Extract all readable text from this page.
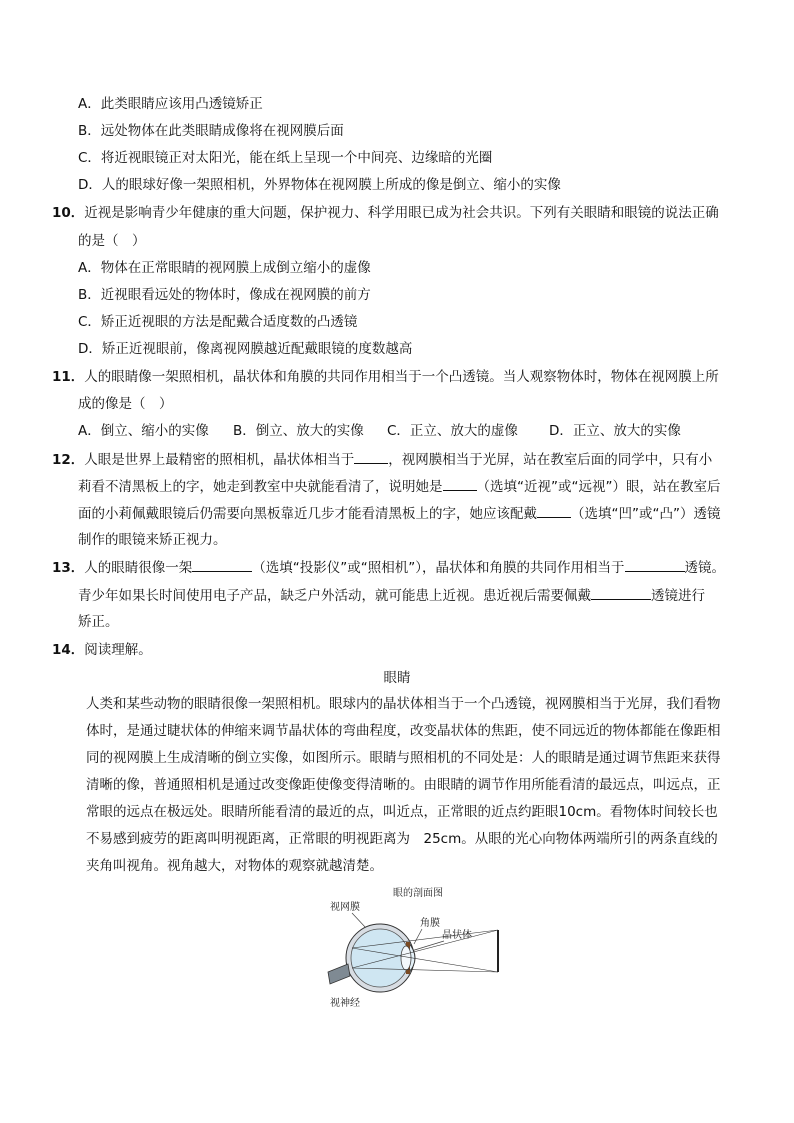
A．此类眼睛应该用凸透镜矫正
B．远处物体在此类眼睛成像将在视网膜后面
C．将近视眼镜正对太阳光，能在纸上呈现一个中间亮、边缘暗的光圈
D．人的眼球好像一架照相机，外界物体在视网膜上所成的像是倒立、缩小的实像
10．近视是影响青少年健康的重大问题，保护视力、科学用眼已成为社会共识。下列有关眼睛和眼镜的说法正确
的是（　）
A．物体在正常眼睛的视网膜上成倒立缩小的虚像
B．近视眼看远处的物体时，像成在视网膜的前方
C．矫正近视眼的方法是配戴合适度数的凸透镜
D．矫正近视眼前，像离视网膜越近配戴眼镜的度数越高
11．人的眼睛像一架照相机，晶状体和角膜的共同作用相当于一个凸透镜。当人观察物体时，物体在视网膜上所
成的像是（　）
A．倒立、缩小的实像 B．倒立、放大的实像 C．正立、放大的虚像 D．正立、放大的实像
12．人眼是世界上最精密的照相机，晶状体相当于	，视网膜相当于光屏，站在教室后面的同学中，只有小
莉看不清黑板上的字，她走到教室中央就能看清了，说明她是	（选填“近视”或“远视”）眼，站在教室后
面的小莉佩戴眼镜后仍需要向黑板靠近几步才能看清黑板上的字，她应该配戴	（选填“凹”或“凸”）透镜
制作的眼镜来矫正视力。
13．人的眼睛很像一架	（选填“投影仪”或“照相机”），晶状体和角膜的共同作用相当于	透镜。
青少年如果长时间使用电子产品，缺乏户外活动，就可能患上近视。患近视后需要佩戴	透镜进行
矫正。
14．阅读理解。
眼睛
人类和某些动物的眼睛很像一架照相机。眼球内的晶状体相当于一个凸透镜，视网膜相当于光屏，我们看物
体时，是通过睫状体的伸缩来调节晶状体的弯曲程度，改变晶状体的焦距，使不同远近的物体都能在像距相
同的视网膜上生成清晰的倒立实像，如图所示。眼睛与照相机的不同处是：人的眼睛是通过调节焦距来获得
清晰的像，普通照相机是通过改变像距使像变得清晰的。由眼睛的调节作用所能看清的最远点，叫远点，正
常眼的远点在极远处。眼睛所能看清的最近的点，叫近点，正常眼的近点约距眼10cm。看物体时间较长也
不易感到疲劳的距离叫明视距离，正常眼的明视距离为　25cm。从眼的光心向物体两端所引的两条直线的
夹角叫视角。视角越大，对物体的观察就越清楚。
眼的剖面图
视网膜
角膜
晶状体
视神经
